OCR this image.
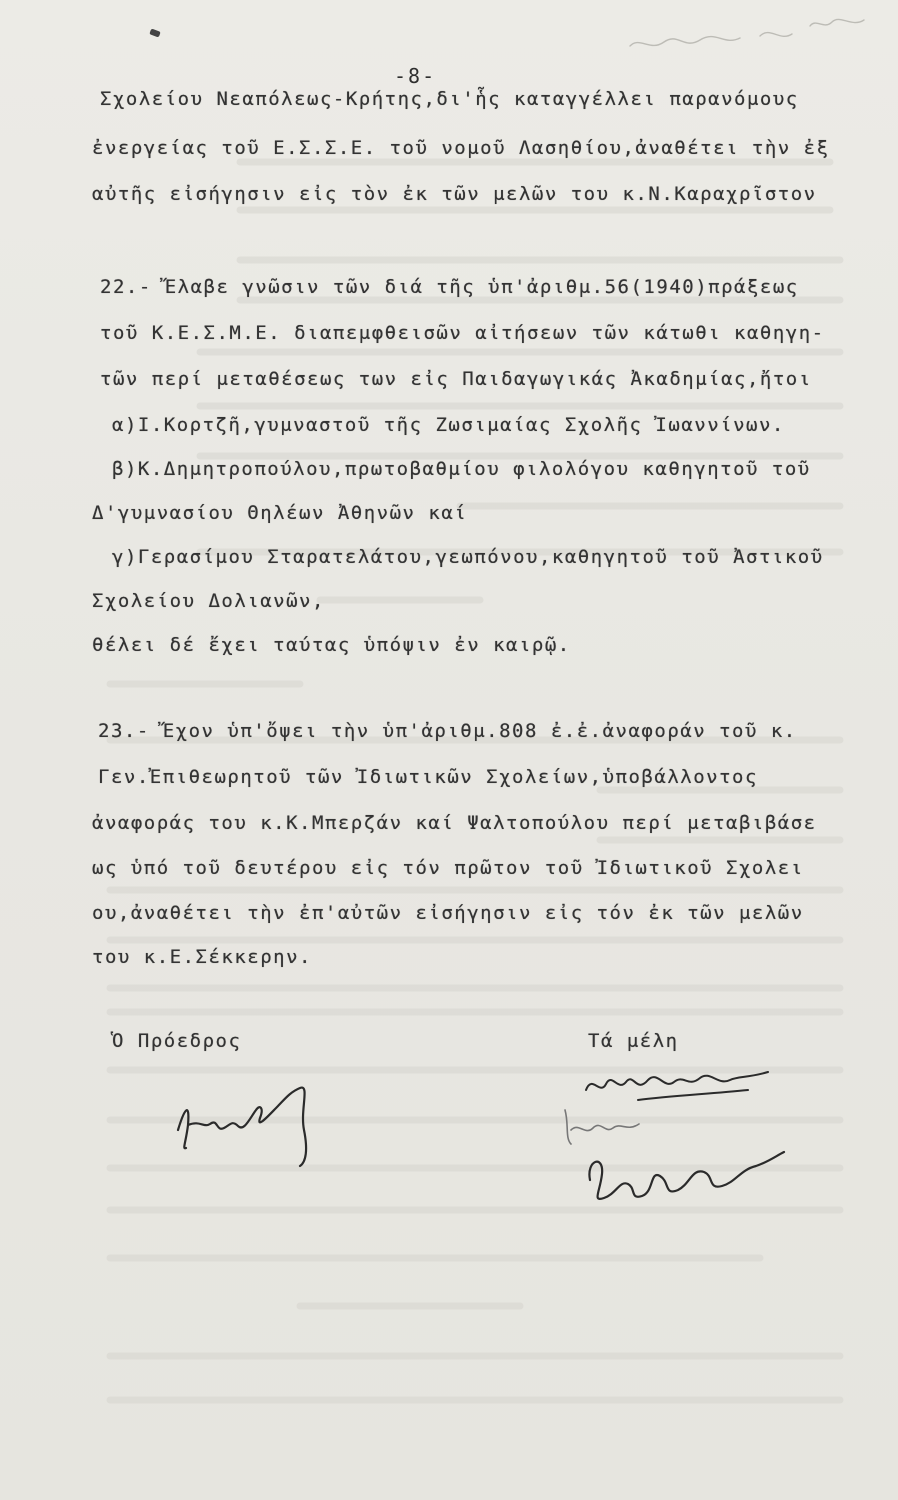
-8-
Σχολείου Νεαπόλεως-Κρήτης,δι'ἧς καταγγέλλει παρανόμους
ἐνεργείας τοῦ Ε.Σ.Σ.Ε. τοῦ νομοῦ Λασηθίου,ἀναθέτει τὴν ἐξ
αὐτῆς εἰσήγησιν εἰς τὸν ἐκ τῶν μελῶν του κ.Ν.Καραχρῖστον
22.- Ἔλαβε γνῶσιν τῶν διά τῆς ὑπ'ἀριθμ.56(1940)πράξεως
τοῦ Κ.Ε.Σ.Μ.Ε. διαπεμφθεισῶν αἰτήσεων τῶν κάτωθι καθηγη-
τῶν περί μεταθέσεως των εἰς Παιδαγωγικάς Ἀκαδημίας,ἤτοι
α)Ι.Κορτζῆ,γυμναστοῦ τῆς Ζωσιμαίας Σχολῆς Ἰωαννίνων.
β)Κ.Δημητροπούλου,πρωτοβαθμίου φιλολόγου καθηγητοῦ τοῦ
Δ'γυμνασίου Θηλέων Ἀθηνῶν καί
γ)Γερασίμου Σταρατελάτου,γεωπόνου,καθηγητοῦ τοῦ Ἀστικοῦ
Σχολείου Δολιανῶν,
θέλει δέ ἔχει ταύτας ὑπόψιν ἐν καιρῷ.
23.- Ἔχον ὑπ'ὄψει τὴν ὑπ'ἀριθμ.808 ἐ.ἐ.ἀναφοράν τοῦ κ.
Γεν.Ἐπιθεωρητοῦ τῶν Ἰδιωτικῶν Σχολείων,ὑποβάλλοντος
ἀναφοράς του κ.Κ.Μπερζάν καί Ψαλτοπούλου περί μεταβιβάσε
ως ὑπό τοῦ δευτέρου εἰς τόν πρῶτον τοῦ Ἰδιωτικοῦ Σχολει
ου,ἀναθέτει τὴν ἐπ'αὐτῶν εἰσήγησιν εἰς τόν ἐκ τῶν μελῶν
του κ.Ε.Σέκκερην.
Ὁ Πρόεδρος	Τά μέλη
